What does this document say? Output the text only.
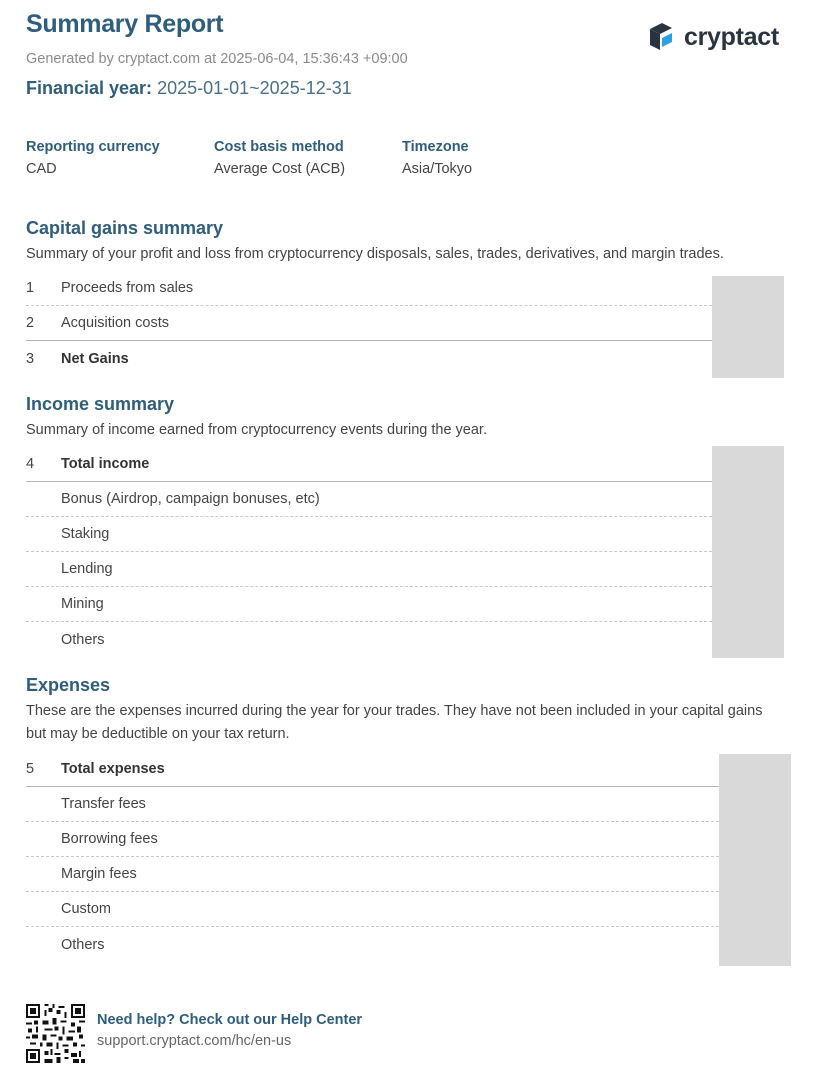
Summary Report
Generated by cryptact.com at 2025-06-04, 15:36:43 +09:00
Financial year: 2025-01-01~2025-12-31
cryptact
Reporting currency
CAD
Cost basis method
Average Cost (ACB)
Timezone
Asia/Tokyo
Capital gains summary
Summary of your profit and loss from cryptocurrency disposals, sales, trades, derivatives, and margin trades.
1	Proceeds from sales
2	Acquisition costs
3	Net Gains
Income summary
Summary of income earned from cryptocurrency events during the year.
4	Total income
Bonus (Airdrop, campaign bonuses, etc)
Staking
Lending
Mining
Others
Expenses
These are the expenses incurred during the year for your trades. They have not been included in your capital gains but may be deductible on your tax return.
5	Total expenses
Transfer fees
Borrowing fees
Margin fees
Custom
Others
Need help? Check out our Help Center
support.cryptact.com/hc/en-us
